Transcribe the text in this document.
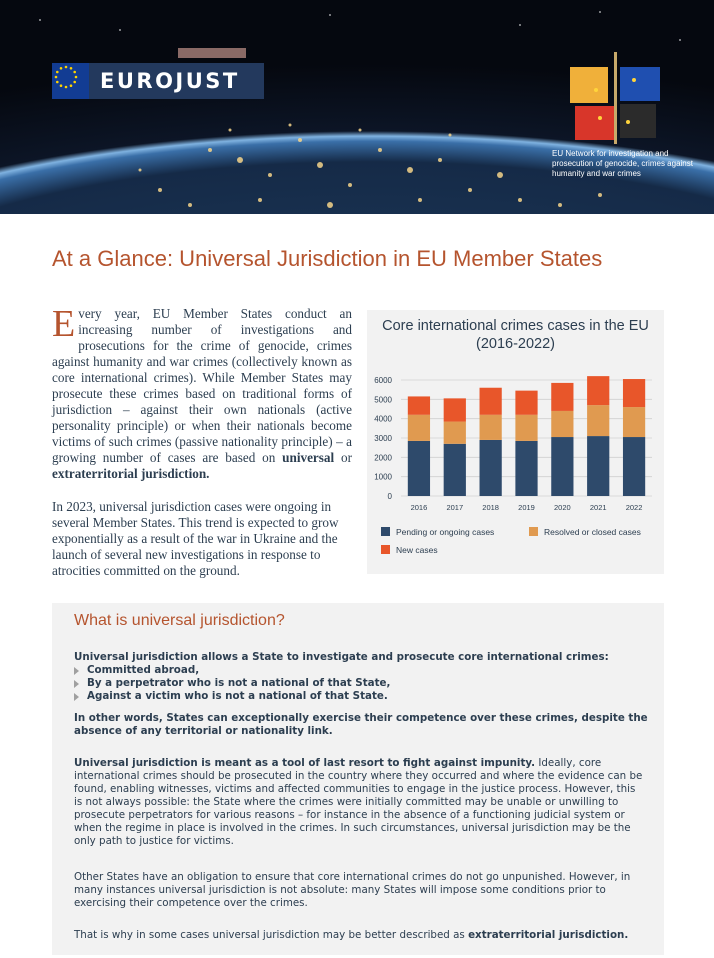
EUROJUST
EU Network for investigation and prosecution of genocide, crimes against humanity and war crimes
At a Glance: Universal Jurisdiction in EU Member States
Every year, EU Member States conduct an increasing number of investigations and prosecutions for the crime of genocide, crimes against humanity and war crimes (collectively known as core international crimes). While Member States may prosecute these crimes based on traditional forms of jurisdiction – against their own nationals (active personality principle) or when their nationals become victims of such crimes (passive nationality principle) – a growing number of cases are based on universal or extraterritorial jurisdiction.
In 2023, universal jurisdiction cases were ongoing in several Member States. This trend is expected to grow exponentially as a result of the war in Ukraine and the launch of several new investigations in response to atrocities committed on the ground.
Core international crimes cases in the EU (2016-2022)
0
1000
2000
3000
4000
5000
6000
2016	2017	2018	2019	2020	2021	2022
Pending or ongoing cases	Resolved or closed cases
New cases
What is universal jurisdiction?
Universal jurisdiction allows a State to investigate and prosecute core international crimes:
Committed abroad,
By a perpetrator who is not a national of that State,
Against a victim who is not a national of that State.
In other words, States can exceptionally exercise their competence over these crimes, despite the absence of any territorial or nationality link.
Universal jurisdiction is meant as a tool of last resort to fight against impunity. Ideally, core international crimes should be prosecuted in the country where they occurred and where the evidence can be found, enabling witnesses, victims and affected communities to engage in the justice process. However, this is not always possible: the State where the crimes were initially committed may be unable or unwilling to prosecute perpetrators for various reasons – for instance in the absence of a functioning judicial system or when the regime in place is involved in the crimes. In such circumstances, universal jurisdiction may be the only path to justice for victims.
Other States have an obligation to ensure that core international crimes do not go unpunished. However, in many instances universal jurisdiction is not absolute: many States will impose some conditions prior to exercising their competence over the crimes.
That is why in some cases universal jurisdiction may be better described as extraterritorial jurisdiction.
